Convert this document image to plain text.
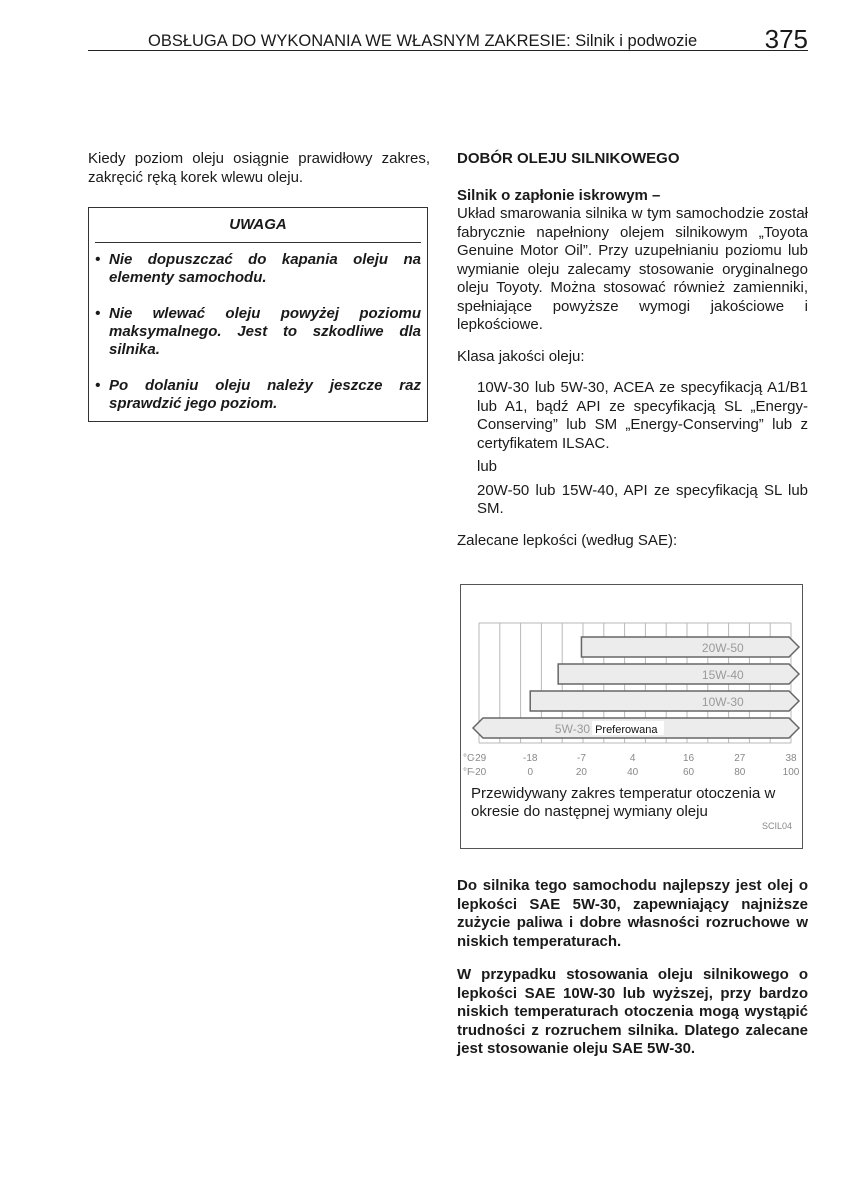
OBSŁUGA DO WYKONANIA WE WŁASNYM ZAKRESIE: Silnik i podwozie	375

Kiedy poziom oleju osiągnie prawidłowy zakres, zakręcić ręką korek wlewu oleju.

UWAGA
• Nie dopuszczać do kapania oleju na elementy samochodu.
• Nie wlewać oleju powyżej poziomu maksymalnego. Jest to szkodliwe dla silnika.
• Po dolaniu oleju należy jeszcze raz sprawdzić jego poziom.

DOBÓR OLEJU SILNIKOWEGO

Silnik o zapłonie iskrowym –

Układ smarowania silnika w tym samochodzie został fabrycznie napełniony olejem silnikowym „Toyota Genuine Motor Oil”. Przy uzupełnianiu poziomu lub wymianie oleju zalecamy stosowanie oryginalnego oleju Toyoty. Można stosować również zamienniki, spełniające powyższe wymogi jakościowe i lepkościowe.

Klasa jakości oleju:

10W-30 lub 5W-30, ACEA ze specyfikacją A1/B1 lub A1, bądź API ze specyfikacją SL „Energy-Conserving” lub SM „Energy-Conserving” lub z certyfikatem ILSAC.

lub

20W-50 lub 15W-40, API ze specyfikacją SL lub SM.

Zalecane lepkości (według SAE):

20W-50
15W-40
10W-30
5W-30 Preferowana
-29
-20
-18
0
-7
20
4
40
16
60
27
80
38
100
°C
°F
Przewidywany zakres temperatur otoczenia w okresie do następnej wymiany oleju
SCIL04

Do silnika tego samochodu najlepszy jest olej o lepkości SAE 5W-30, zapewniający najniższe zużycie paliwa i dobre własności rozruchowe w niskich temperaturach.

W przypadku stosowania oleju silnikowego o lepkości SAE 10W-30 lub wyższej, przy bardzo niskich temperaturach otoczenia mogą wystąpić trudności z rozruchem silnika. Dlatego zalecane jest stosowanie oleju SAE 5W-30.
